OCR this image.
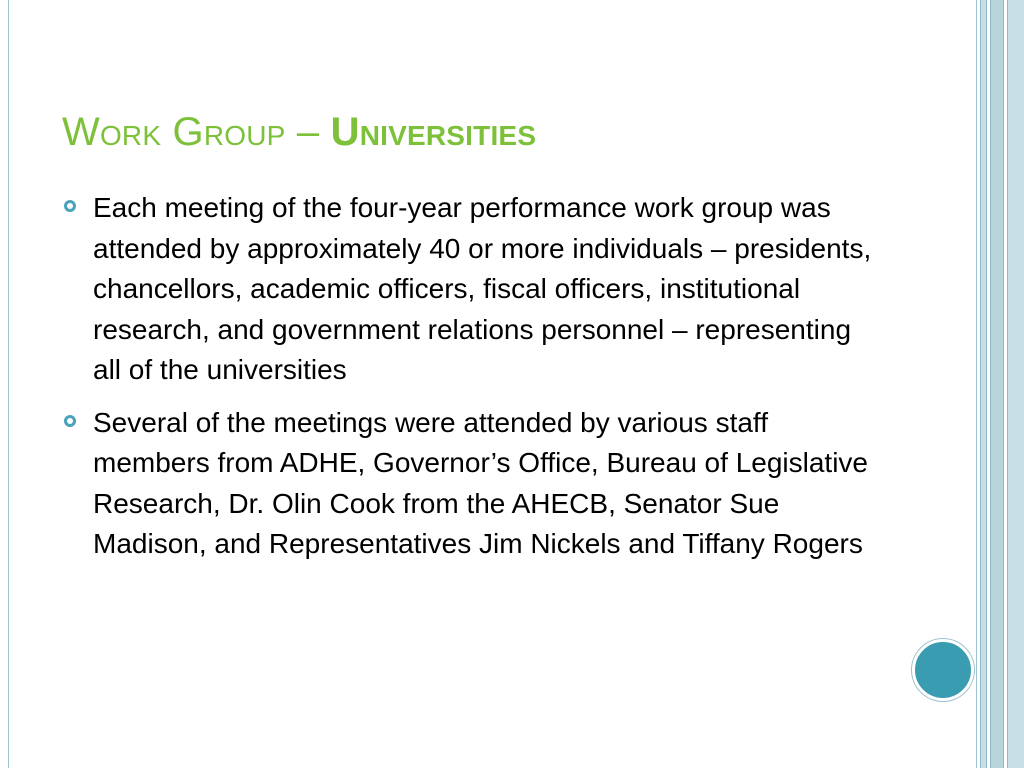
Work Group – Universities
Each meeting of the four-year performance work group was attended by approximately 40 or more individuals – presidents, chancellors, academic officers, fiscal officers, institutional research, and government relations personnel – representing all of the universities
Several of the meetings were attended by various staff members from ADHE, Governor’s Office, Bureau of Legislative Research, Dr. Olin Cook from the AHECB, Senator Sue Madison, and Representatives Jim Nickels and Tiffany Rogers
